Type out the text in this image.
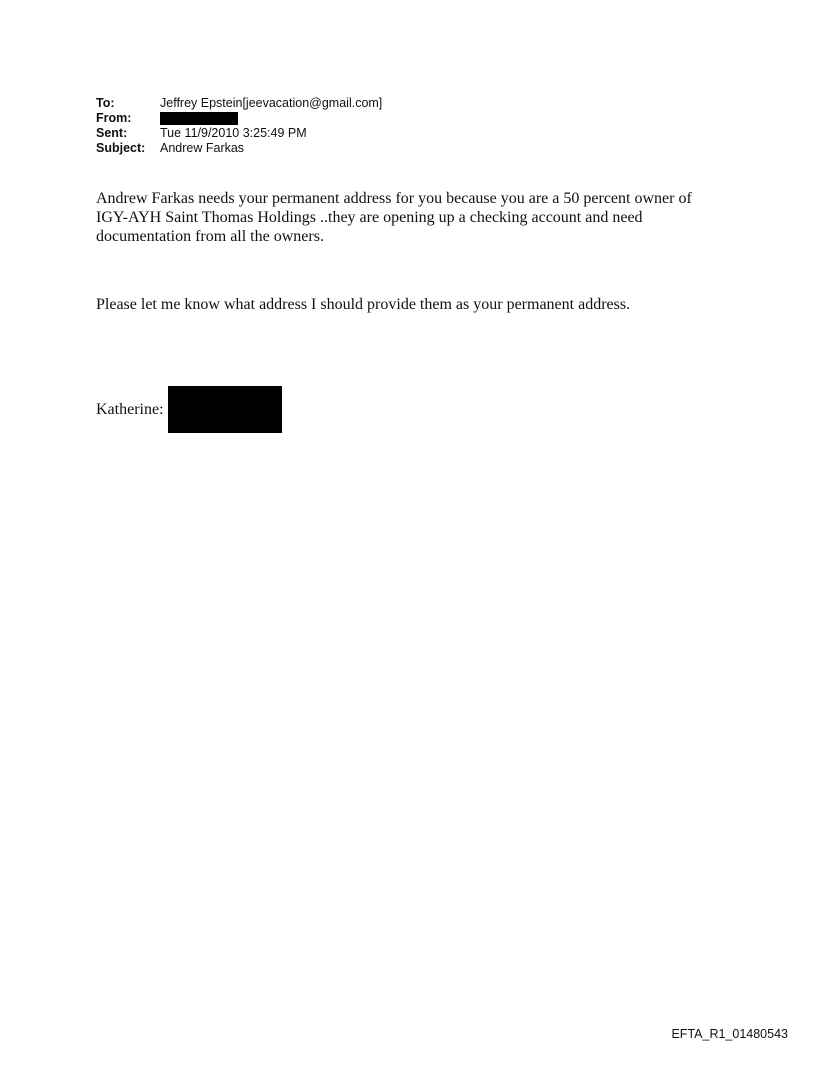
To:	Jeffrey Epstein[jeevacation@gmail.com]
From:
Sent:	Tue 11/9/2010 3:25:49 PM
Subject:	Andrew Farkas

Andrew Farkas needs your permanent address for you because you are a 50 percent owner of IGY-AYH Saint Thomas Holdings ..they are opening up a checking account and need documentation from all the owners.

Please let me know what address I should provide them as your permanent address.

Katherine:
EFTA_R1_01480543
